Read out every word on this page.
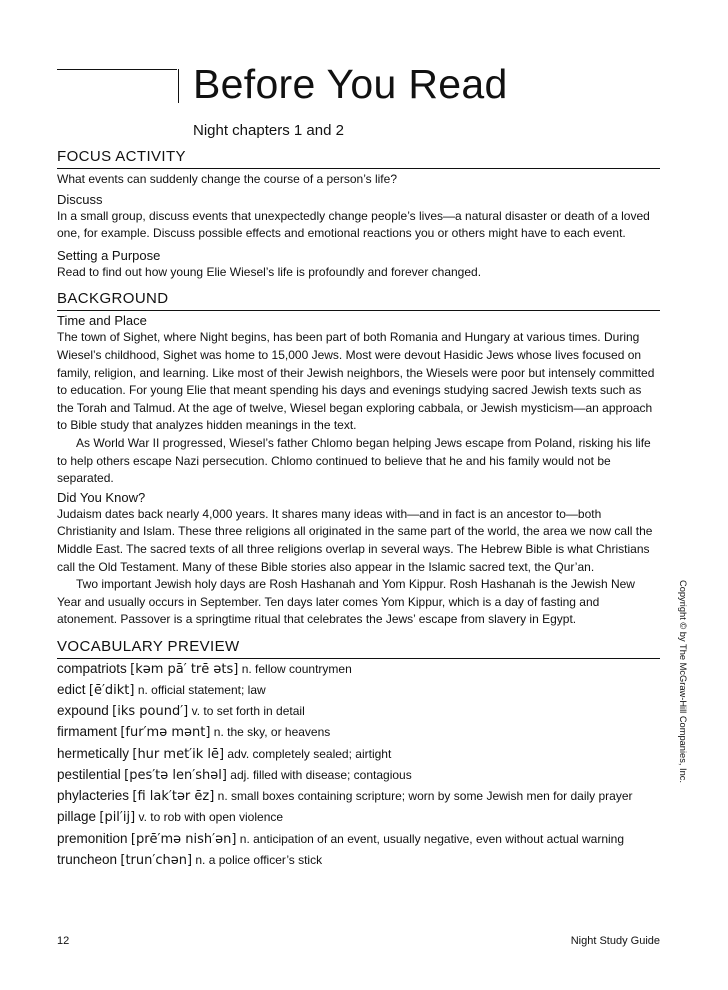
Before You Read
Night chapters 1 and 2
FOCUS ACTIVITY

What events can suddenly change the course of a person’s life?

Discuss

In a small group, discuss events that unexpectedly change people’s lives—a natural disaster or death of a loved one, for example. Discuss possible effects and emotional reactions you or others might have to each event.

Setting a Purpose

Read to find out how young Elie Wiesel’s life is profoundly and forever changed.

BACKGROUND
Time and Place

The town of Sighet, where Night begins, has been part of both Romania and Hungary at various times. During Wiesel’s childhood, Sighet was home to 15,000 Jews. Most were devout Hasidic Jews whose lives focused on family, religion, and learning. Like most of their Jewish neighbors, the Wiesels were poor but intensely committed to education. For young Elie that meant spending his days and evenings studying sacred Jewish texts such as the Torah and Talmud. At the age of twelve, Wiesel began exploring cabbala, or Jewish mysticism—an approach to Bible study that analyzes hidden meanings in the text.

As World War II progressed, Wiesel’s father Chlomo began helping Jews escape from Poland, risking his life to help others escape Nazi persecution. Chlomo continued to believe that he and his family would not be separated.

Did You Know?

Judaism dates back nearly 4,000 years. It shares many ideas with—and in fact is an ancestor to—both Christianity and Islam. These three religions all originated in the same part of the world, the area we now call the Middle East. The sacred texts of all three religions overlap in several ways. The Hebrew Bible is what Christians call the Old Testament. Many of these Bible stories also appear in the Islamic sacred text, the Qur’an.

Two important Jewish holy days are Rosh Hashanah and Yom Kippur. Rosh Hashanah is the Jewish New Year and usually occurs in September. Ten days later comes Yom Kippur, which is a day of fasting and atonement. Passover is a springtime ritual that celebrates the Jews’ escape from slavery in Egypt.

VOCABULARY PREVIEW
compatriots [kəm pā′ trē əts] n. fellow countrymen
edict [ē′dikt] n. official statement; law
expound [iks pound′] v. to set forth in detail
firmament [fur′mə mənt] n. the sky, or heavens
hermetically [hur met′ik lē] adv. completely sealed; airtight
pestilential [pes′tə len′shəl] adj. filled with disease; contagious
phylacteries [fi lak′tər ēz] n. small boxes containing scripture; worn by some Jewish men for daily prayer
pillage [pil′ij] v. to rob with open violence
premonition [prē′mə nish′ən] n. anticipation of an event, usually negative, even without actual warning
truncheon [trun′chən] n. a police officer’s stick
Copyright © by The McGraw-Hill Companies, Inc.
12	Night Study Guide
